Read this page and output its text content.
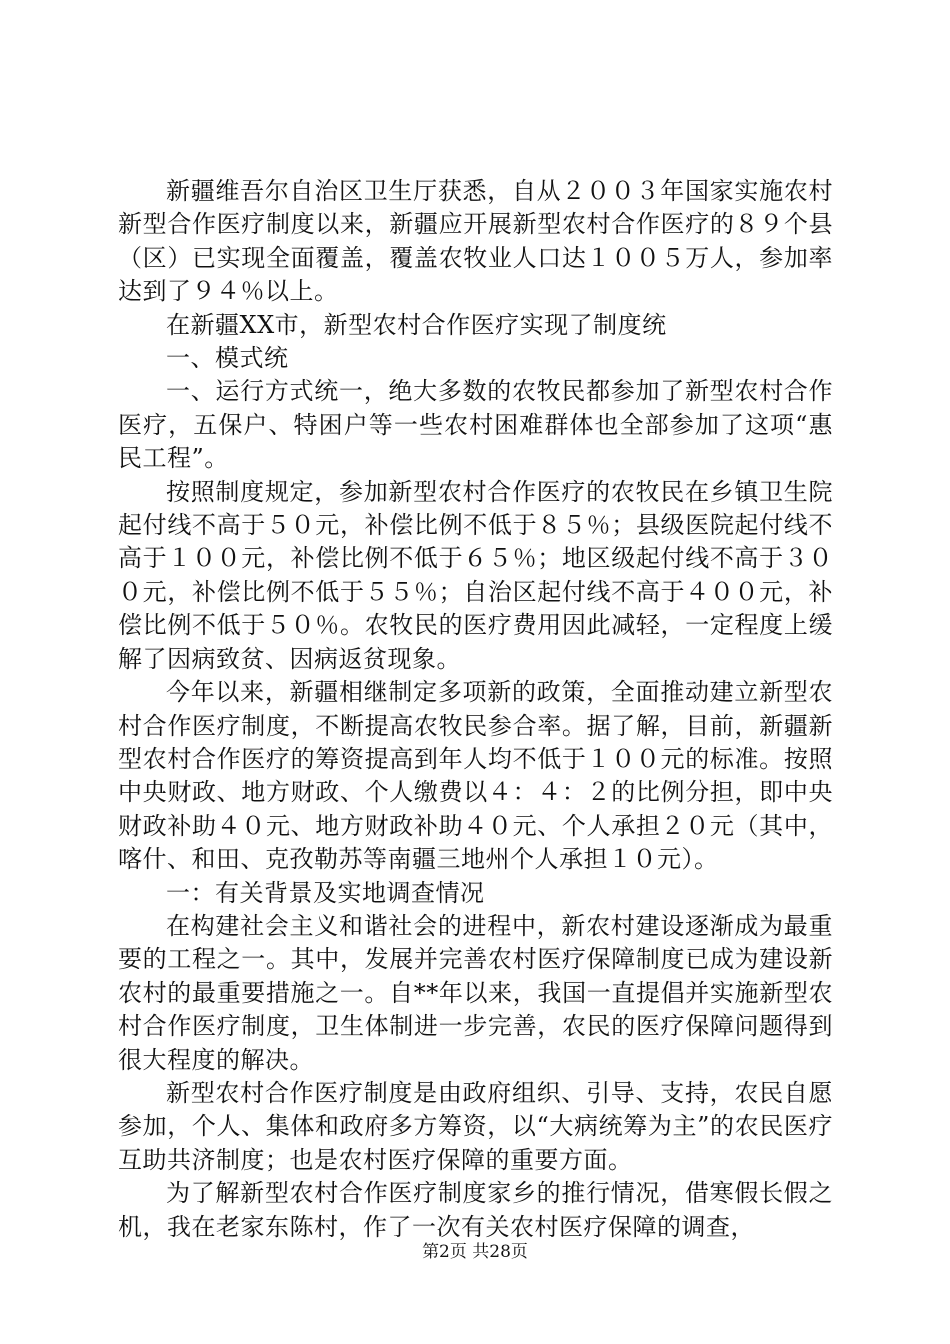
新疆维吾尔自治区卫生厅获悉，自从２００３年国家实施农村新型合作医疗制度以来，新疆应开展新型农村合作医疗的８９个县（区）已实现全面覆盖，覆盖农牧业人口达１００５万人，参加率达到了９４％以上。

在新疆XX市，新型农村合作医疗实现了制度统

一、模式统

一、运行方式统一，绝大多数的农牧民都参加了新型农村合作医疗，五保户、特困户等一些农村困难群体也全部参加了这项“惠民工程”。

按照制度规定，参加新型农村合作医疗的农牧民在乡镇卫生院起付线不高于５０元，补偿比例不低于８５％；县级医院起付线不高于１００元，补偿比例不低于６５％；地区级起付线不高于３００元，补偿比例不低于５５％；自治区起付线不高于４００元，补偿比例不低于５０％。农牧民的医疗费用因此减轻，一定程度上缓解了因病致贫、因病返贫现象。

今年以来，新疆相继制定多项新的政策，全面推动建立新型农村合作医疗制度，不断提高农牧民参合率。据了解，目前，新疆新型农村合作医疗的筹资提高到年人均不低于１００元的标准。按照中央财政、地方财政、个人缴费以４：４：２的比例分担，即中央财政补助４０元、地方财政补助４０元、个人承担２０元（其中，喀什、和田、克孜勒苏等南疆三地州个人承担１０元）。

一：有关背景及实地调查情况

在构建社会主义和谐社会的进程中，新农村建设逐渐成为最重要的工程之一。其中，发展并完善农村医疗保障制度已成为建设新农村的最重要措施之一。自**年以来，我国一直提倡并实施新型农村合作医疗制度，卫生体制进一步完善，农民的医疗保障问题得到很大程度的解决。

新型农村合作医疗制度是由政府组织、引导、支持，农民自愿参加，个人、集体和政府多方筹资，以“大病统筹为主”的农民医疗互助共济制度；也是农村医疗保障的重要方面。

为了解新型农村合作医疗制度家乡的推行情况，借寒假长假之机，我在老家东陈村，作了一次有关农村医疗保障的调查，

第2页 共28页
